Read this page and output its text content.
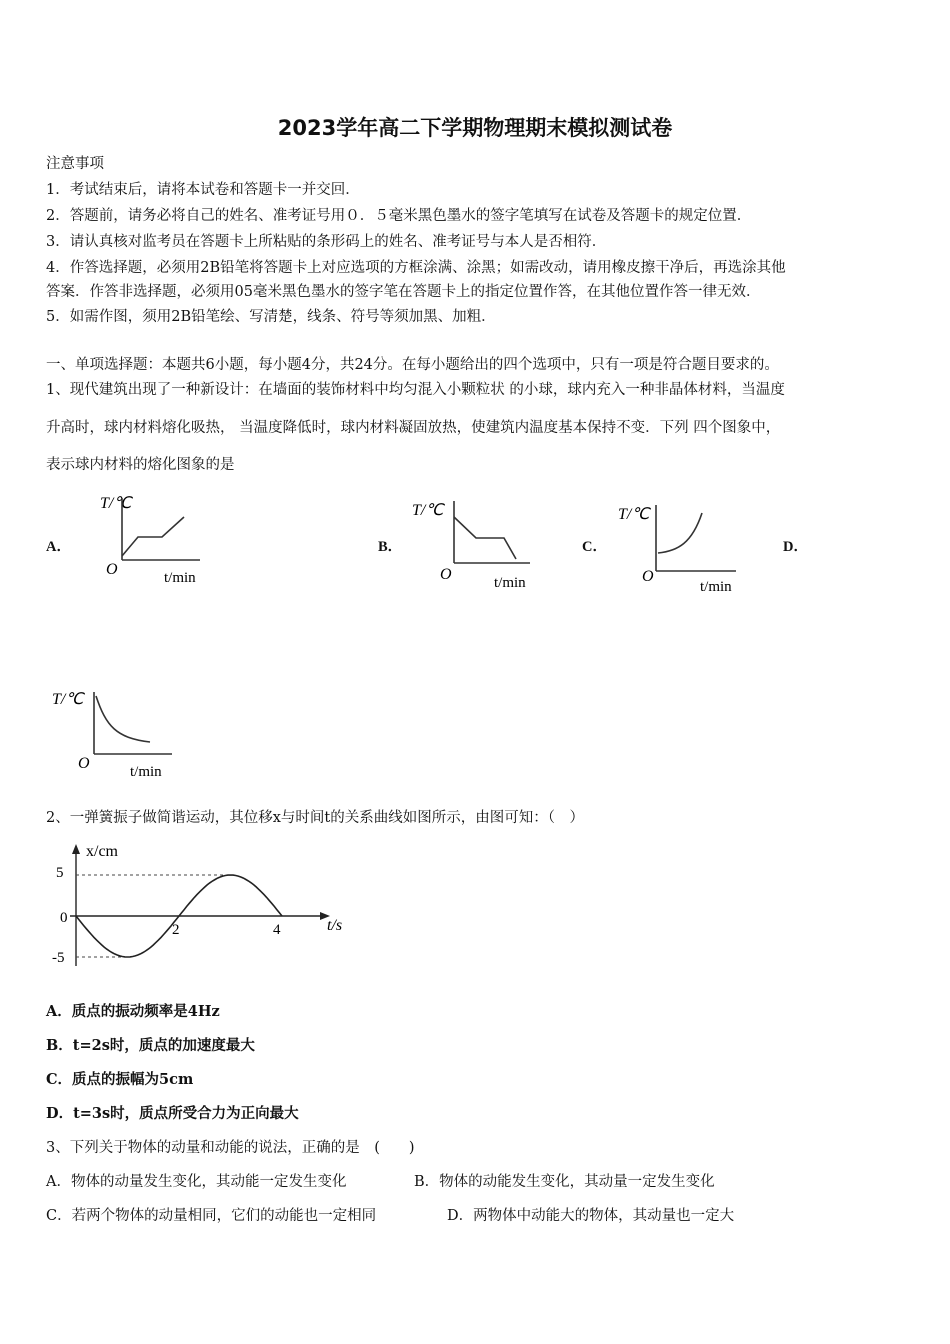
2023学年高二下学期物理期末模拟测试卷
注意事项
1．考试结束后，请将本试卷和答题卡一并交回．
2．答题前，请务必将自己的姓名、准考证号用０．５毫米黑色墨水的签字笔填写在试卷及答题卡的规定位置．
3．请认真核对监考员在答题卡上所粘贴的条形码上的姓名、准考证号与本人是否相符．
4．作答选择题，必须用2B铅笔将答题卡上对应选项的方框涂满、涂黑；如需改动，请用橡皮擦干净后，再选涂其他
答案．作答非选择题，必须用05毫米黑色墨水的签字笔在答题卡上的指定位置作答，在其他位置作答一律无效．
5．如需作图，须用2B铅笔绘、写清楚，线条、符号等须加黑、加粗．
一、单项选择题：本题共6小题，每小题4分，共24分。在每小题给出的四个选项中，只有一项是符合题目要求的。
1、现代建筑出现了一种新设计：在墙面的装饰材料中均匀混入小颗粒状 的小球，球内充入一种非晶体材料，当温度
升高时，球内材料熔化吸热， 当温度降低时，球内材料凝固放热，使建筑内温度基本保持不变．下列 四个图象中，
表示球内材料的熔化图象的是
A．	B．	C．	D．
T/℃
O	t/min
T/℃
O	t/min
T/℃
O
t/min
T/℃
O	t/min
2、一弹簧振子做简谐运动，其位移x与时间t的关系曲线如图所示，由图可知：（　）
x/cm
t/s
5
0
-5
2	4
A．质点的振动频率是4Hz
B．t=2s时，质点的加速度最大
C．质点的振幅为5cm
D．t=3s时，质点所受合力为正向最大
3、下列关于物体的动量和动能的说法，正确的是　(　　)
A．物体的动量发生变化，其动能一定发生变化	B．物体的动能发生变化，其动量一定发生变化
C．若两个物体的动量相同，它们的动能也一定相同	D．两物体中动能大的物体，其动量也一定大
